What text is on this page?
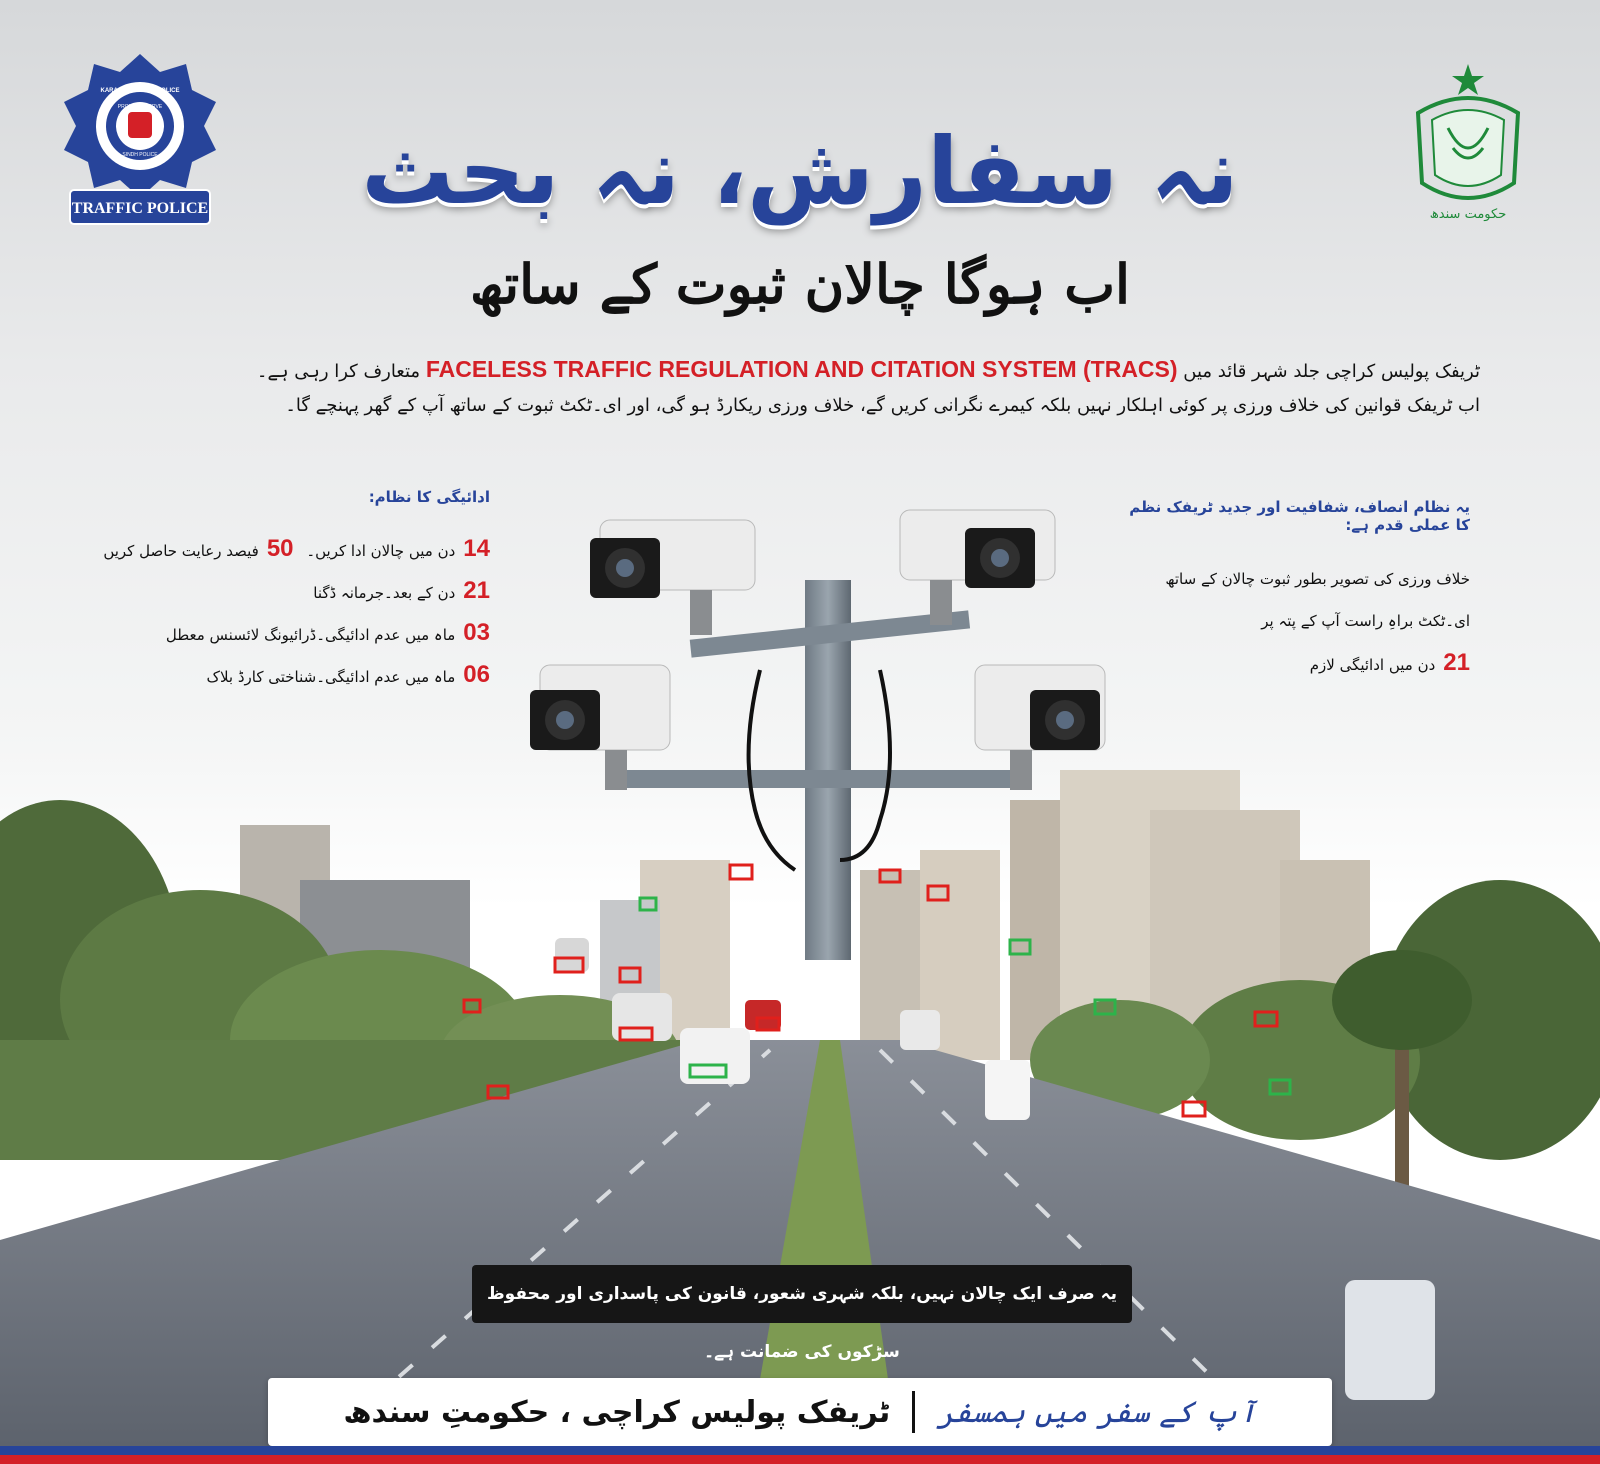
TRAFFIC POLICE
KARACHI TRAFFIC POLICE
PROUD TO SERVE
SINDH POLICE
حکومت سندھ
نہ سفارش، نہ بحث
اب ہوگا چالان ثبوت کے ساتھ
ٹریفک پولیس کراچی جلد شہر قائد میں FACELESS TRAFFIC REGULATION AND CITATION SYSTEM (TRACS) متعارف کرا رہی ہے۔
اب ٹریفک قوانین کی خلاف ورزی پر کوئی اہلکار نہیں بلکہ کیمرے نگرانی کریں گے، خلاف ورزی ریکارڈ ہو گی، اور ای۔ٹکٹ ثبوت کے ساتھ آپ کے گھر پہنچے گا۔
ادائیگی کا نظام:
14دن میں چالان ادا کریں۔ 50فیصد رعایت حاصل کریں
21دن کے بعد۔جرمانہ ڈگنا
03ماہ میں عدم ادائیگی۔ڈرائیونگ لائسنس معطل
06ماہ میں عدم ادائیگی۔شناختی کارڈ بلاک
یہ نظام انصاف، شفافیت اور جدید ٹریفک نظم کا عملی قدم ہے:
خلاف ورزی کی تصویر بطور ثبوت چالان کے ساتھ
ای۔ٹکٹ براہِ راست آپ کے پتہ پر
21دن میں ادائیگی لازم
یہ صرف ایک چالان نہیں، بلکہ شہری شعور، قانون کی پاسداری اور محفوظ سڑکوں کی ضمانت ہے۔
آپ کے سفر میں ہمسفر
ٹریفک پولیس کراچی ، حکومتِ سندھ
